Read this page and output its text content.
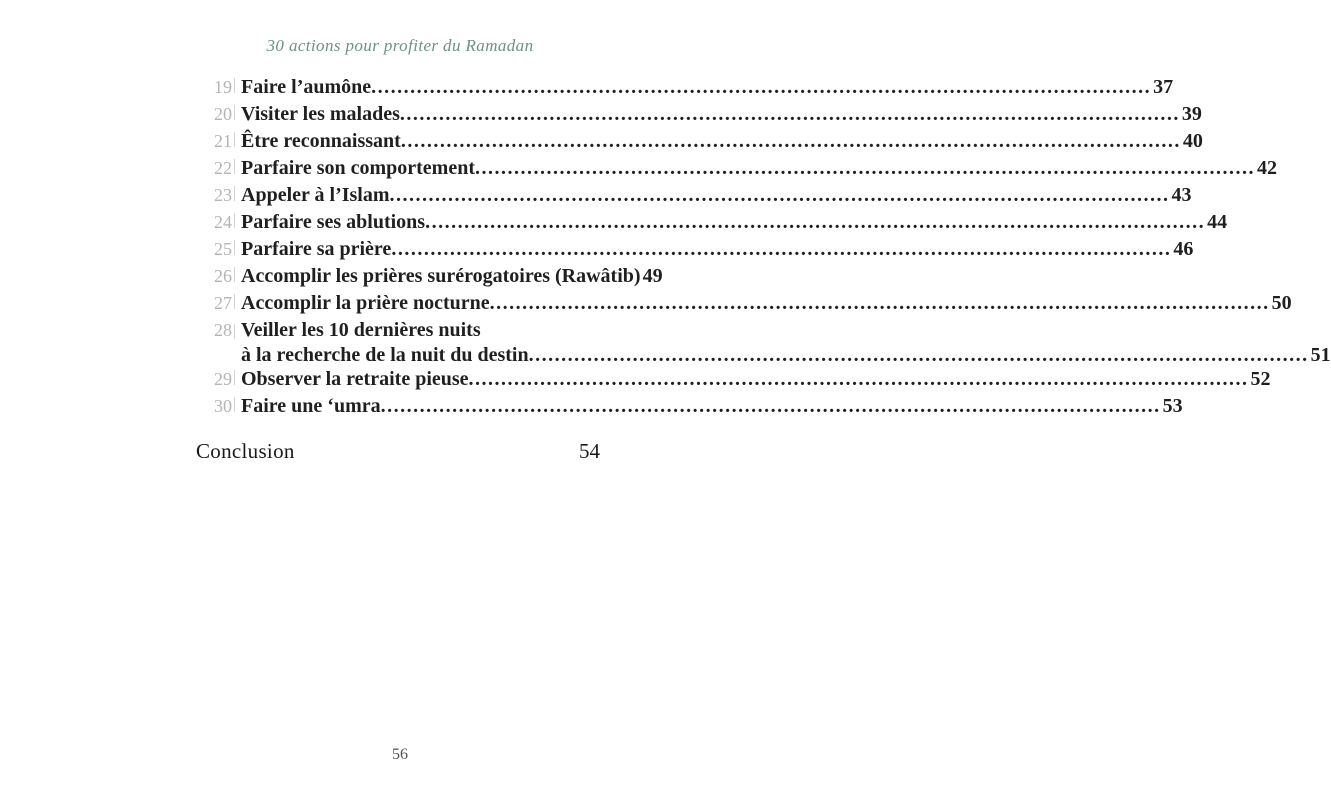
30 actions pour profiter du Ramadan
19 Faire l’aumône .....	37
20 Visiter les malades .....	39
21 Être reconnaissant .....	40
22 Parfaire son comportement .....	42
23 Appeler à l’Islam .....	43
24 Parfaire ses ablutions .....	44
25 Parfaire sa prière .....	46
26 Accomplir les prières surérogatoires (Rawâtib) 49
27 Accomplir la prière nocturne .....	50
28 Veiller les 10 dernières nuits
à la recherche de la nuit du destin .....	51
29 Observer la retraite pieuse .....	52
30 Faire une ‘umra .....	53
Conclusion	54
56
